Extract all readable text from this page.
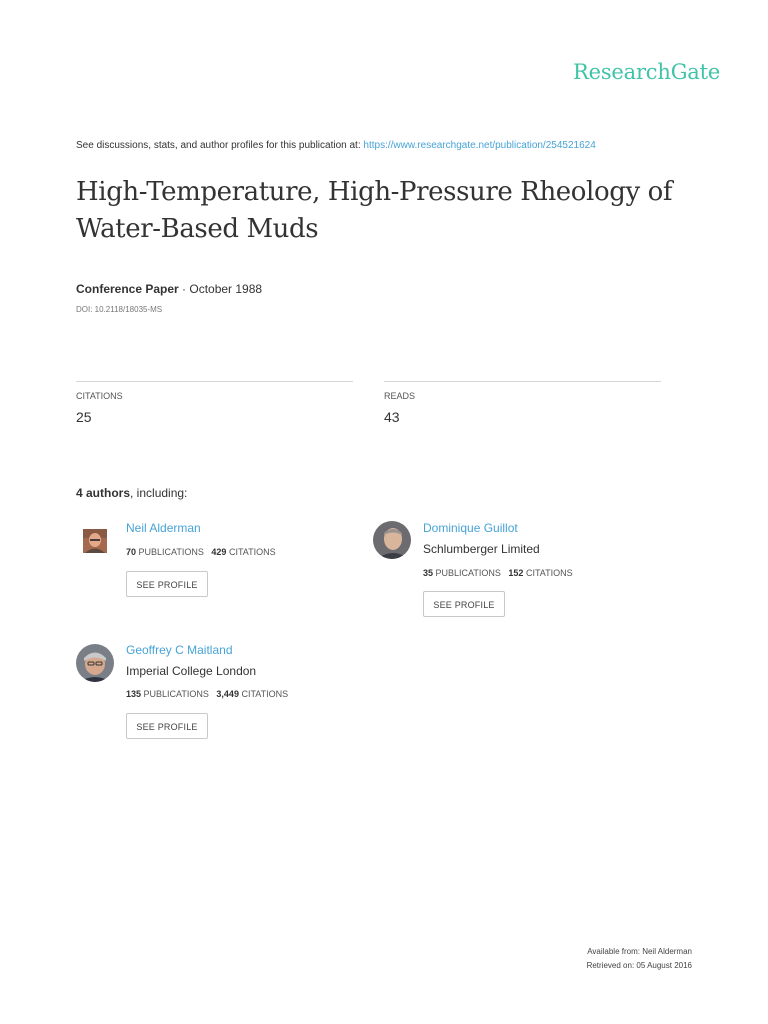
ResearchGate
See discussions, stats, and author profiles for this publication at: https://www.researchgate.net/publication/254521624
High-Temperature, High-Pressure Rheology of
Water-Based Muds
Conference Paper · October 1988
DOI: 10.2118/18035-MS
CITATIONS
25
READS
43
4 authors, including:
Neil Alderman
70 PUBLICATIONS 429 CITATIONS
SEE PROFILE
Dominique Guillot
Schlumberger Limited
35 PUBLICATIONS 152 CITATIONS
SEE PROFILE
Geoffrey C Maitland
Imperial College London
135 PUBLICATIONS 3,449 CITATIONS
SEE PROFILE
Available from: Neil Alderman
Retrieved on: 05 August 2016
